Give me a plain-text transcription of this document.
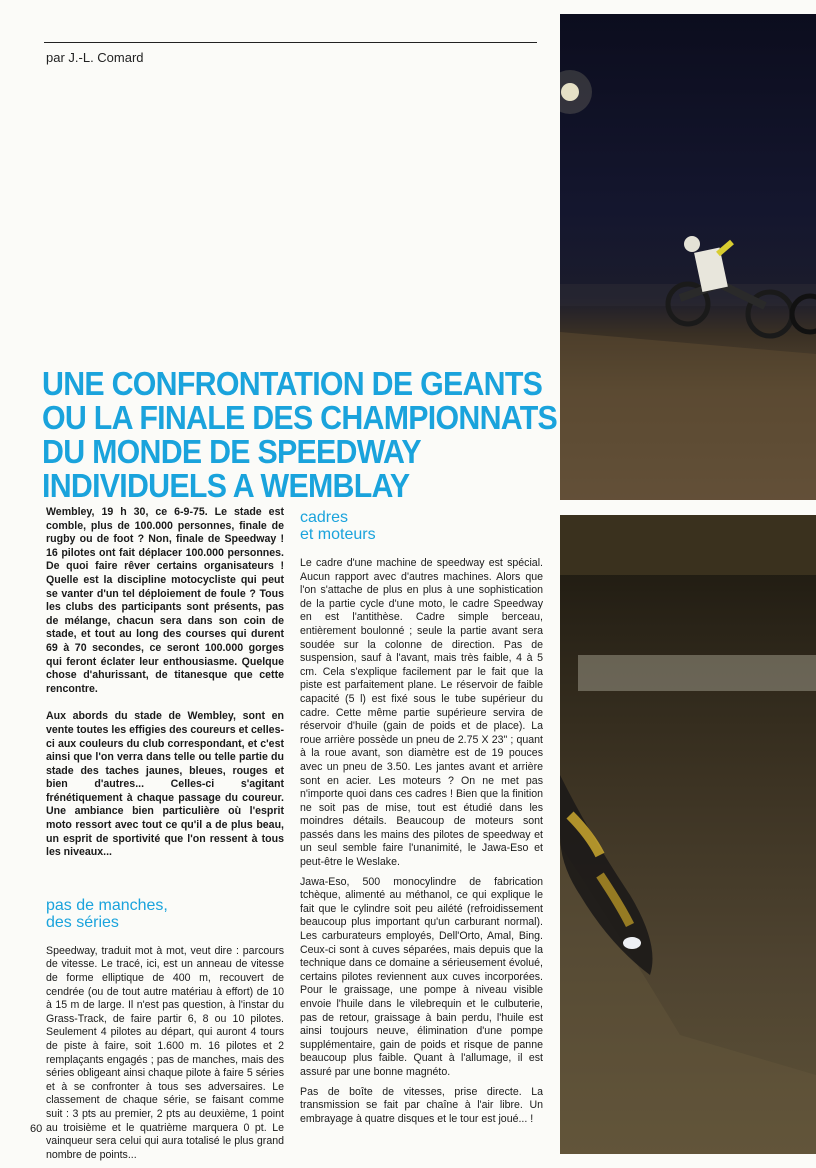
par J.-L. Comard
UNE CONFRONTATION DE GEANTS
OU LA FINALE DES CHAMPIONNATS
DU MONDE DE SPEEDWAY
INDIVIDUELS A WEMBLAY

Wembley, 19 h 30, ce 6-9-75. Le stade est comble, plus de 100.000 personnes, finale de rugby ou de foot ? Non, finale de Speedway ! 16 pilotes ont fait déplacer 100.000 personnes. De quoi faire rêver certains organisateurs ! Quelle est la discipline motocycliste qui peut se vanter d'un tel déploiement de foule ? Tous les clubs des participants sont présents, pas de mélange, chacun sera dans son coin de stade, et tout au long des courses qui durent 69 à 70 secondes, ce seront 100.000 gorges qui feront éclater leur enthousiasme. Quelque chose d'ahurissant, de titanesque que cette rencontre.

Aux abords du stade de Wembley, sont en vente toutes les effigies des coureurs et celles-ci aux couleurs du club correspondant, et c'est ainsi que l'on verra dans telle ou telle partie du stade des taches jaunes, bleues, rouges et bien d'autres... Celles-ci s'agitant frénétiquement à chaque passage du coureur. Une ambiance bien particulière où l'esprit moto ressort avec tout ce qu'il a de plus beau, un esprit de sportivité que l'on ressent à tous les niveaux...

pas de manches,
des séries

Speedway, traduit mot à mot, veut dire : parcours de vitesse. Le tracé, ici, est un anneau de vitesse de forme elliptique de 400 m, recouvert de cendrée (ou de tout autre matériau à effort) de 10 à 15 m de large. Il n'est pas question, à l'instar du Grass-Track, de faire partir 6, 8 ou 10 pilotes. Seulement 4 pilotes au départ, qui auront 4 tours de piste à faire, soit 1.600 m. 16 pilotes et 2 remplaçants engagés ; pas de manches, mais des séries obligeant ainsi chaque pilote à faire 5 séries et à se confronter à tous ses adversaires. Le classement de chaque série, se faisant comme suit : 3 pts au premier, 2 pts au deuxième, 1 point au troisième et le quatrième marquera 0 pt. Le vainqueur sera celui qui aura totalisé le plus grand nombre de points...

cadres
et moteurs

Le cadre d'une machine de speedway est spécial. Aucun rapport avec d'autres machines. Alors que l'on s'attache de plus en plus à une sophistication de la partie cycle d'une moto, le cadre Speedway en est l'antithèse. Cadre simple berceau, entièrement boulonné ; seule la partie avant sera soudée sur la colonne de direction. Pas de suspension, sauf à l'avant, mais très faible, 4 à 5 cm. Cela s'explique facilement par le fait que la piste est parfaitement plane. Le réservoir de faible capacité (5 l) est fixé sous le tube supérieur du cadre. Cette même partie supérieure servira de réservoir d'huile (gain de poids et de place). La roue arrière possède un pneu de 2.75 X 23" ; quant à la roue avant, son diamètre est de 19 pouces avec un pneu de 3.50. Les jantes avant et arrière sont en acier. Les moteurs ? On ne met pas n'importe quoi dans ces cadres ! Bien que la finition ne soit pas de mise, tout est étudié dans les moindres détails. Beaucoup de moteurs sont passés dans les mains des pilotes de speedway et un seul semble faire l'unanimité, le Jawa-Eso et peut-être le Weslake.

Jawa-Eso, 500 monocylindre de fabrication tchèque, alimenté au méthanol, ce qui explique le fait que le cylindre soit peu ailété (refroidissement beaucoup plus important qu'un carburant normal). Les carburateurs employés, Dell'Orto, Amal, Bing. Ceux-ci sont à cuves séparées, mais depuis que la technique dans ce domaine a sérieusement évolué, certains pilotes reviennent aux cuves incorporées. Pour le graissage, une pompe à niveau visible envoie l'huile dans le vilebrequin et le culbuterie, pas de retour, graissage à bain perdu, l'huile est ainsi toujours neuve, élimination d'une pompe supplémentaire, gain de poids et risque de panne beaucoup plus faible. Quant à l'allumage, il est assuré par une bonne magnéto.

Pas de boîte de vitesses, prise directe. La transmission se fait par chaîne à l'air libre. Un embrayage à quatre disques et le tour est joué... !

60
